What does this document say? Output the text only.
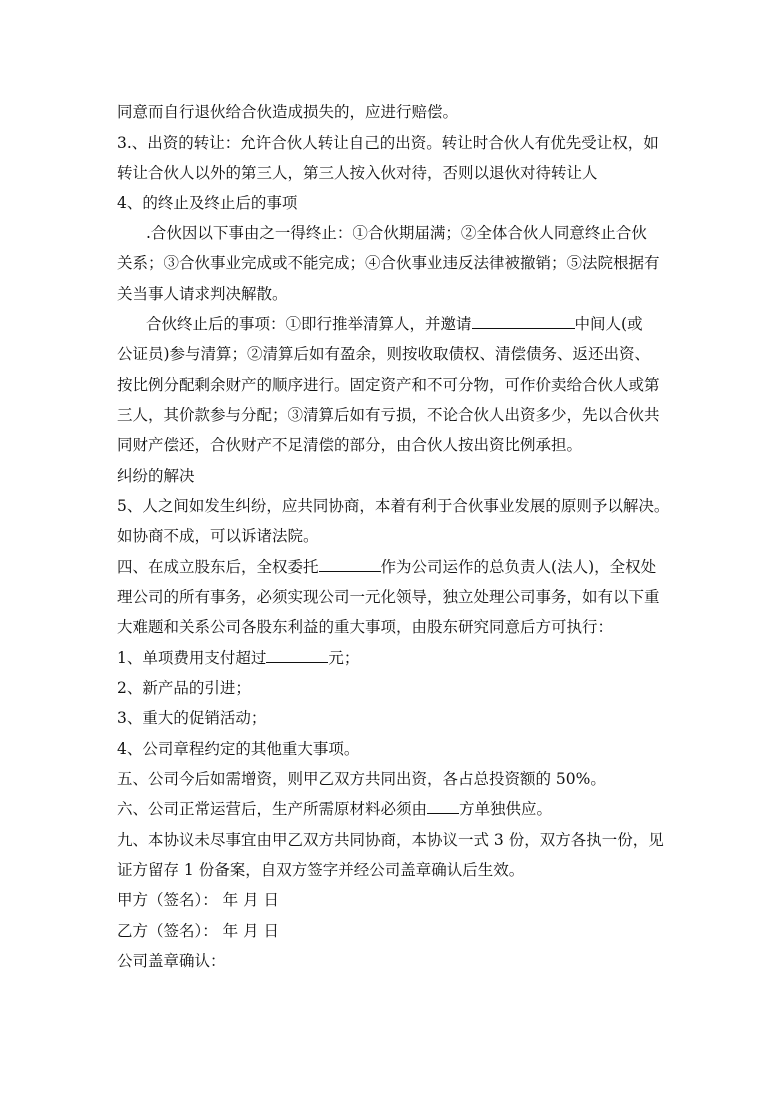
同意而自行退伙给合伙造成损失的，应进行赔偿。
3.、出资的转让：允许合伙人转让自己的出资。转让时合伙人有优先受让权，如
转让合伙人以外的第三人，第三人按入伙对待，否则以退伙对待转让人
4、的终止及终止后的事项
.合伙因以下事由之一得终止：①合伙期届满；②全体合伙人同意终止合伙
关系；③合伙事业完成或不能完成；④合伙事业违反法律被撤销；⑤法院根据有
关当事人请求判决解散。
合伙终止后的事项：①即行推举清算人，并邀请	中间人(或
公证员)参与清算；②清算后如有盈余，则按收取债权、清偿债务、返还出资、
按比例分配剩余财产的顺序进行。固定资产和不可分物，可作价卖给合伙人或第
三人，其价款参与分配；③清算后如有亏损，不论合伙人出资多少，先以合伙共
同财产偿还，合伙财产不足清偿的部分，由合伙人按出资比例承担。
纠纷的解决
5、人之间如发生纠纷，应共同协商，本着有利于合伙事业发展的原则予以解决。
如协商不成，可以诉诸法院。
四、在成立股东后，全权委托	作为公司运作的总负责人(法人)，全权处
理公司的所有事务，必须实现公司一元化领导，独立处理公司事务，如有以下重
大难题和关系公司各股东利益的重大事项，由股东研究同意后方可执行：
1、单项费用支付超过	元；
2、新产品的引进；
3、重大的促销活动；
4、公司章程约定的其他重大事项。
五、公司今后如需增资，则甲乙双方共同出资，各占总投资额的 50%。
六、公司正常运营后，生产所需原材料必须由 方单独供应。
九、本协议未尽事宜由甲乙双方共同协商，本协议一式 3 份，双方各执一份，见
证方留存 1 份备案，自双方签字并经公司盖章确认后生效。
甲方（签名）： 年 月 日
乙方（签名）： 年 月 日
公司盖章确认：
